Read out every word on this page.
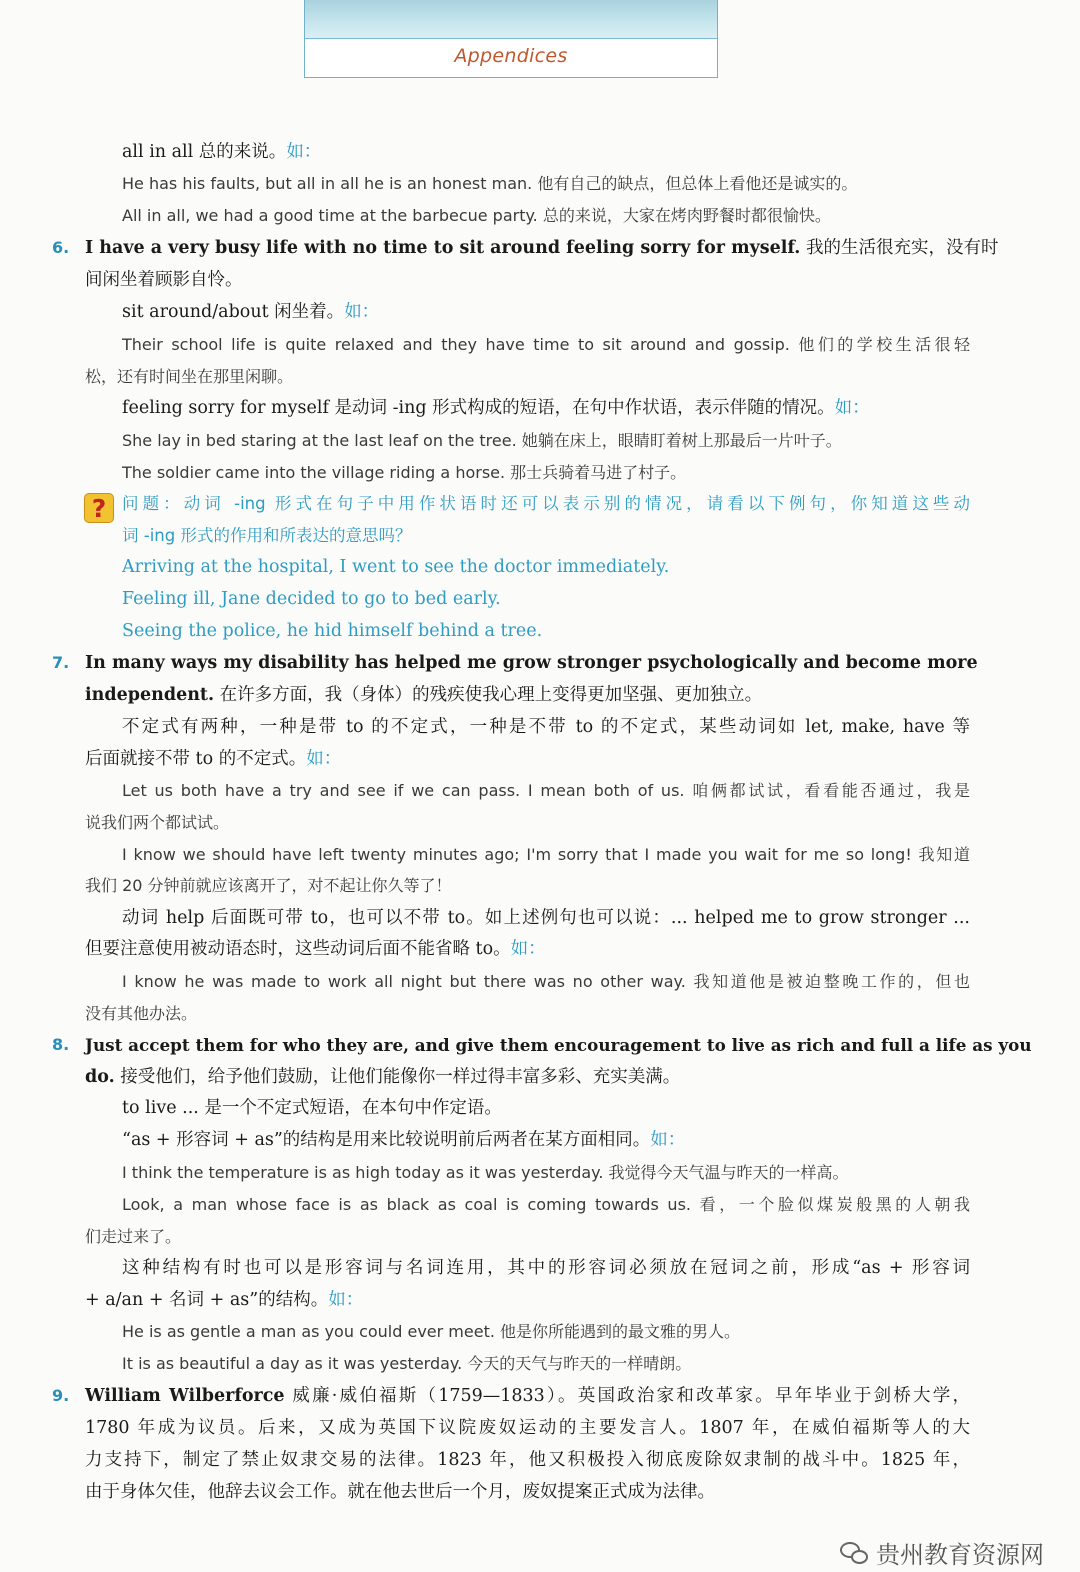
Appendices
?
all in all 总的来说。如：
He has his faults, but all in all he is an honest man. 他有自己的缺点，但总体上看他还是诚实的。
All in all, we had a good time at the barbecue party. 总的来说，大家在烤肉野餐时都很愉快。
6. I have a very busy life with no time to sit around feeling sorry for myself. 我的生活很充实，没有时
间闲坐着顾影自怜。
sit around/about 闲坐着。如：
Their school life is quite relaxed and they have time to sit around and gossip. 他们的学校生活很轻
松，还有时间坐在那里闲聊。
feeling sorry for myself 是动词 -ing 形式构成的短语，在句中作状语，表示伴随的情况。如：
She lay in bed staring at the last leaf on the tree. 她躺在床上，眼睛盯着树上那最后一片叶子。
The soldier came into the village riding a horse. 那士兵骑着马进了村子。
问题：动词 -ing 形式在句子中用作状语时还可以表示别的情况，请看以下例句，你知道这些动
词 -ing 形式的作用和所表达的意思吗？
Arriving at the hospital, I went to see the doctor immediately.
Feeling ill, Jane decided to go to bed early.
Seeing the police, he hid himself behind a tree.
7. In many ways my disability has helped me grow stronger psychologically and become more
independent. 在许多方面，我（身体）的残疾使我心理上变得更加坚强、更加独立。
不定式有两种，一种是带 to 的不定式，一种是不带 to 的不定式，某些动词如 let, make, have 等
后面就接不带 to 的不定式。如：
Let us both have a try and see if we can pass. I mean both of us. 咱俩都试试，看看能否通过，我是
说我们两个都试试。
I know we should have left twenty minutes ago; I'm sorry that I made you wait for me so long! 我知道
我们 20 分钟前就应该离开了，对不起让你久等了！
动词 help 后面既可带 to，也可以不带 to。如上述例句也可以说：... helped me to grow stronger ...
但要注意使用被动语态时，这些动词后面不能省略 to。如：
I know he was made to work all night but there was no other way. 我知道他是被迫整晚工作的，但也
没有其他办法。
8. Just accept them for who they are, and give them encouragement to live as rich and full a life as you
do. 接受他们，给予他们鼓励，让他们能像你一样过得丰富多彩、充实美满。
to live ... 是一个不定式短语，在本句中作定语。
“as + 形容词 + as”的结构是用来比较说明前后两者在某方面相同。如：
I think the temperature is as high today as it was yesterday. 我觉得今天气温与昨天的一样高。
Look, a man whose face is as black as coal is coming towards us. 看，一个脸似煤炭般黑的人朝我
们走过来了。
这种结构有时也可以是形容词与名词连用，其中的形容词必须放在冠词之前，形成“as + 形容词
+ a/an + 名词 + as”的结构。如：
He is as gentle a man as you could ever meet. 他是你所能遇到的最文雅的男人。
It is as beautiful a day as it was yesterday. 今天的天气与昨天的一样晴朗。
9. William Wilberforce 威廉·威伯福斯（1759—1833）。英国政治家和改革家。早年毕业于剑桥大学，
1780 年成为议员。后来，又成为英国下议院废奴运动的主要发言人。1807 年，在威伯福斯等人的大
力支持下，制定了禁止奴隶交易的法律。1823 年，他又积极投入彻底废除奴隶制的战斗中。1825 年，
由于身体欠佳，他辞去议会工作。就在他去世后一个月，废奴提案正式成为法律。
贵州教育资源网
